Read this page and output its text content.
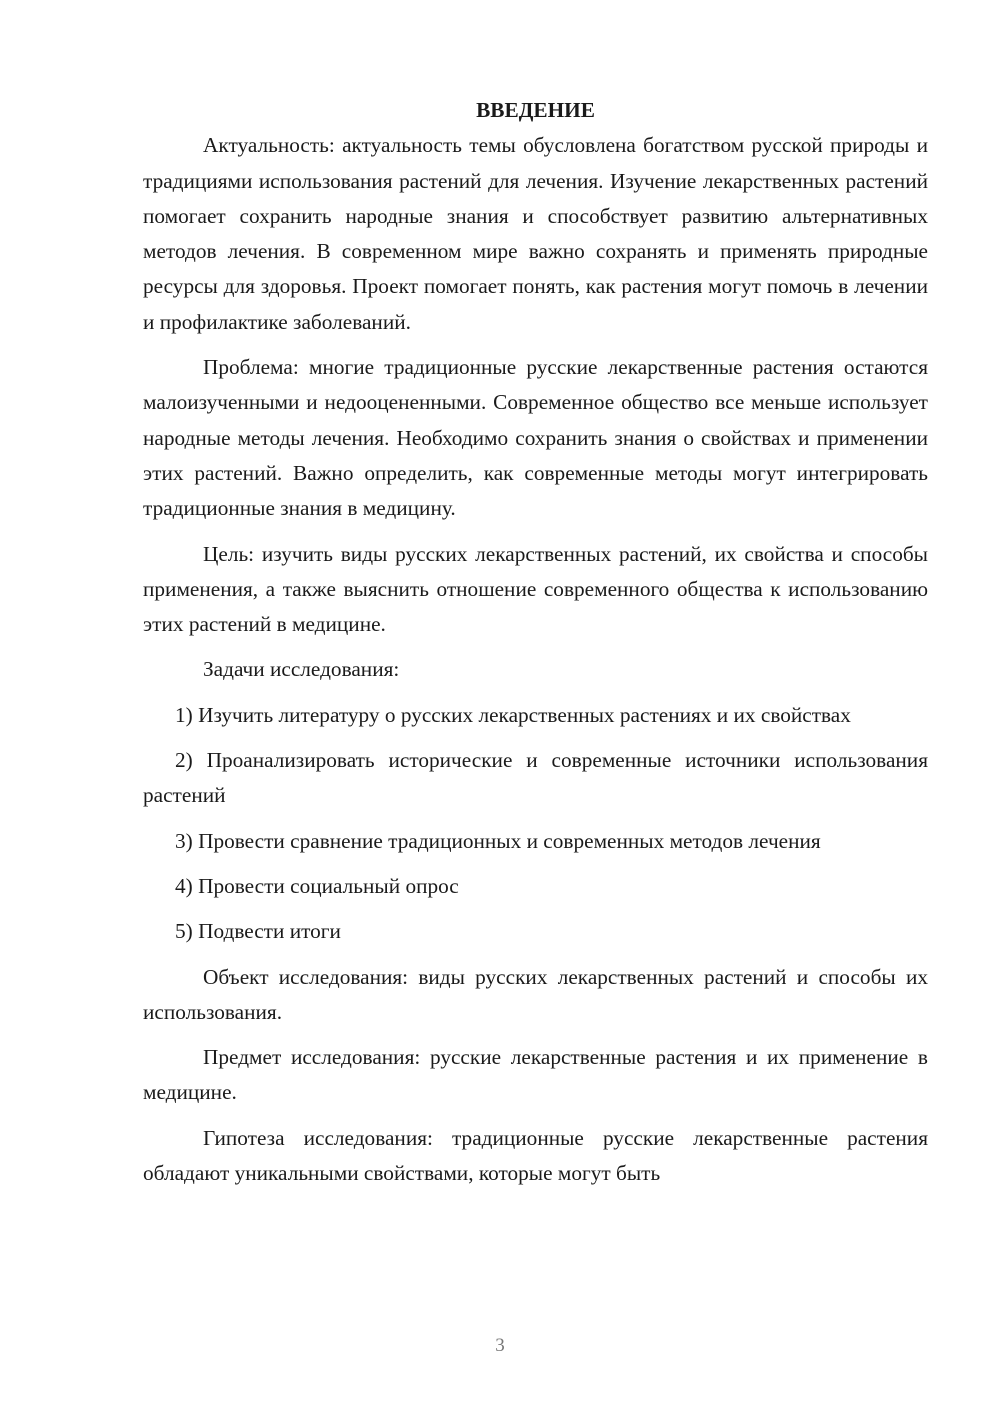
ВВЕДЕНИЕ

Актуальность: актуальность темы обусловлена богатством русской природы и традициями использования растений для лечения. Изучение лекарственных растений помогает сохранить народные знания и способствует развитию альтернативных методов лечения. В современном мире важно сохранять и применять природные ресурсы для здоровья. Проект помогает понять, как растения могут помочь в лечении и профилактике заболеваний.

Проблема: многие традиционные русские лекарственные растения остаются малоизученными и недооцененными. Современное общество все меньше использует народные методы лечения. Необходимо сохранить знания о свойствах и применении этих растений. Важно определить, как современные методы могут интегрировать традиционные знания в медицину.

Цель: изучить виды русских лекарственных растений, их свойства и способы применения, а также выяснить отношение современного общества к использованию этих растений в медицине.

Задачи исследования:

1) Изучить литературу о русских лекарственных растениях и их свойствах

2) Проанализировать исторические и современные источники использования растений

3) Провести сравнение традиционных и современных методов лечения

4) Провести социальный опрос

5) Подвести итоги

Объект исследования: виды русских лекарственных растений и способы их использования.

Предмет исследования: русские лекарственные растения и их применение в медицине.

Гипотеза исследования: традиционные русские лекарственные растения обладают уникальными свойствами, которые могут быть

3
